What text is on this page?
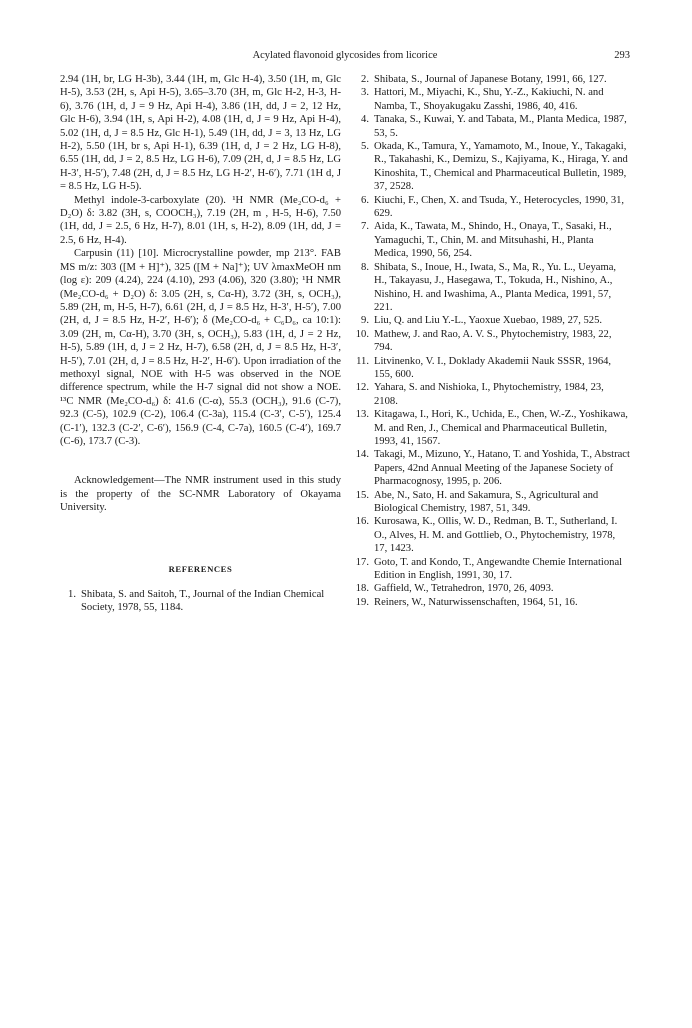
Acylated flavonoid glycosides from licorice	293

2.94 (1H, br, LG H-3b), 3.44 (1H, m, Glc H-4), 3.50 (1H, m, Glc H-5), 3.53 (2H, s, Api H-5), 3.65–3.70 (3H, m, Glc H-2, H-3, H-6), 3.76 (1H, d, J = 9 Hz, Api H-4), 3.86 (1H, dd, J = 2, 12 Hz, Glc H-6), 3.94 (1H, s, Api H-2), 4.08 (1H, d, J = 9 Hz, Api H-4), 5.02 (1H, d, J = 8.5 Hz, Glc H-1), 5.49 (1H, dd, J = 3, 13 Hz, LG H-2), 5.50 (1H, br s, Api H-1), 6.39 (1H, d, J = 2 Hz, LG H-8), 6.55 (1H, dd, J = 2, 8.5 Hz, LG H-6), 7.09 (2H, d, J = 8.5 Hz, LG H-3′, H-5′), 7.48 (2H, d, J = 8.5 Hz, LG H-2′, H-6′), 7.71 (1H d, J = 8.5 Hz, LG H-5).

Methyl indole-3-carboxylate (20). ¹H NMR (Me₂CO-d₆ + D₂O) δ: 3.82 (3H, s, COOCH₃), 7.19 (2H, m , H-5, H-6), 7.50 (1H, dd, J = 2.5, 6 Hz, H-7), 8.01 (1H, s, H-2), 8.09 (1H, dd, J = 2.5, 6 Hz, H-4).

Carpusin (11) [10]. Microcrystalline powder, mp 213°. FAB MS m/z: 303 ([M + H]⁺), 325 ([M + Na]⁺); UV λmaxMeOH nm (log ε): 209 (4.24), 224 (4.10), 293 (4.06), 320 (3.80); ¹H NMR (Me₂CO-d₆ + D₂O) δ: 3.05 (2H, s, Cα-H), 3.72 (3H, s, OCH₃), 5.89 (2H, m, H-5, H-7), 6.61 (2H, d, J = 8.5 Hz, H-3′, H-5′), 7.00 (2H, d, J = 8.5 Hz, H-2′, H-6′); δ (Me₂CO-d₆ + C₆D₆, ca 10:1): 3.09 (2H, m, Cα-H), 3.70 (3H, s, OCH₃), 5.83 (1H, d, J = 2 Hz, H-5), 5.89 (1H, d, J = 2 Hz, H-7), 6.58 (2H, d, J = 8.5 Hz, H-3′, H-5′), 7.01 (2H, d, J = 8.5 Hz, H-2′, H-6′). Upon irradiation of the methoxyl signal, NOE with H-5 was observed in the NOE difference spectrum, while the H-7 signal did not show a NOE. ¹³C NMR (Me₂CO-d₆) δ: 41.6 (C-α), 55.3 (OCH₃), 91.6 (C-7), 92.3 (C-5), 102.9 (C-2), 106.4 (C-3a), 115.4 (C-3′, C-5′), 125.4 (C-1′), 132.3 (C-2′, C-6′), 156.9 (C-4, C-7a), 160.5 (C-4′), 169.7 (C-6), 173.7 (C-3).

Acknowledgement—The NMR instrument used in this study is the property of the SC-NMR Laboratory of Okayama University.

REFERENCES

1. Shibata, S. and Saitoh, T., Journal of the Indian Chemical Society, 1978, 55, 1184.

2. Shibata, S., Journal of Japanese Botany, 1991, 66, 127.

3. Hattori, M., Miyachi, K., Shu, Y.-Z., Kakiuchi, N. and Namba, T., Shoyakugaku Zasshi, 1986, 40, 416.

4. Tanaka, S., Kuwai, Y. and Tabata, M., Planta Medica, 1987, 53, 5.

5. Okada, K., Tamura, Y., Yamamoto, M., Inoue, Y., Takagaki, R., Takahashi, K., Demizu, S., Kajiyama, K., Hiraga, Y. and Kinoshita, T., Chemical and Pharmaceutical Bulletin, 1989, 37, 2528.

6. Kiuchi, F., Chen, X. and Tsuda, Y., Heterocycles, 1990, 31, 629.

7. Aida, K., Tawata, M., Shindo, H., Onaya, T., Sasaki, H., Yamaguchi, T., Chin, M. and Mitsuhashi, H., Planta Medica, 1990, 56, 254.

8. Shibata, S., Inoue, H., Iwata, S., Ma, R., Yu. L., Ueyama, H., Takayasu, J., Hasegawa, T., Tokuda, H., Nishino, A., Nishino, H. and Iwashima, A., Planta Medica, 1991, 57, 221.

9. Liu, Q. and Liu Y.-L., Yaoxue Xuebao, 1989, 27, 525.

10. Mathew, J. and Rao, A. V. S., Phytochemistry, 1983, 22, 794.

11. Litvinenko, V. I., Doklady Akademii Nauk SSSR, 1964, 155, 600.

12. Yahara, S. and Nishioka, I., Phytochemistry, 1984, 23, 2108.

13. Kitagawa, I., Hori, K., Uchida, E., Chen, W.-Z., Yoshikawa, M. and Ren, J., Chemical and Pharmaceutical Bulletin, 1993, 41, 1567.

14. Takagi, M., Mizuno, Y., Hatano, T. and Yoshida, T., Abstract Papers, 42nd Annual Meeting of the Japanese Society of Pharmacognosy, 1995, p. 206.

15. Abe, N., Sato, H. and Sakamura, S., Agricultural and Biological Chemistry, 1987, 51, 349.

16. Kurosawa, K., Ollis, W. D., Redman, B. T., Sutherland, I. O., Alves, H. M. and Gottlieb, O., Phytochemistry, 1978, 17, 1423.

17. Goto, T. and Kondo, T., Angewandte Chemie International Edition in English, 1991, 30, 17.

18. Gaffield, W., Tetrahedron, 1970, 26, 4093.

19. Reiners, W., Naturwissenschaften, 1964, 51, 16.
